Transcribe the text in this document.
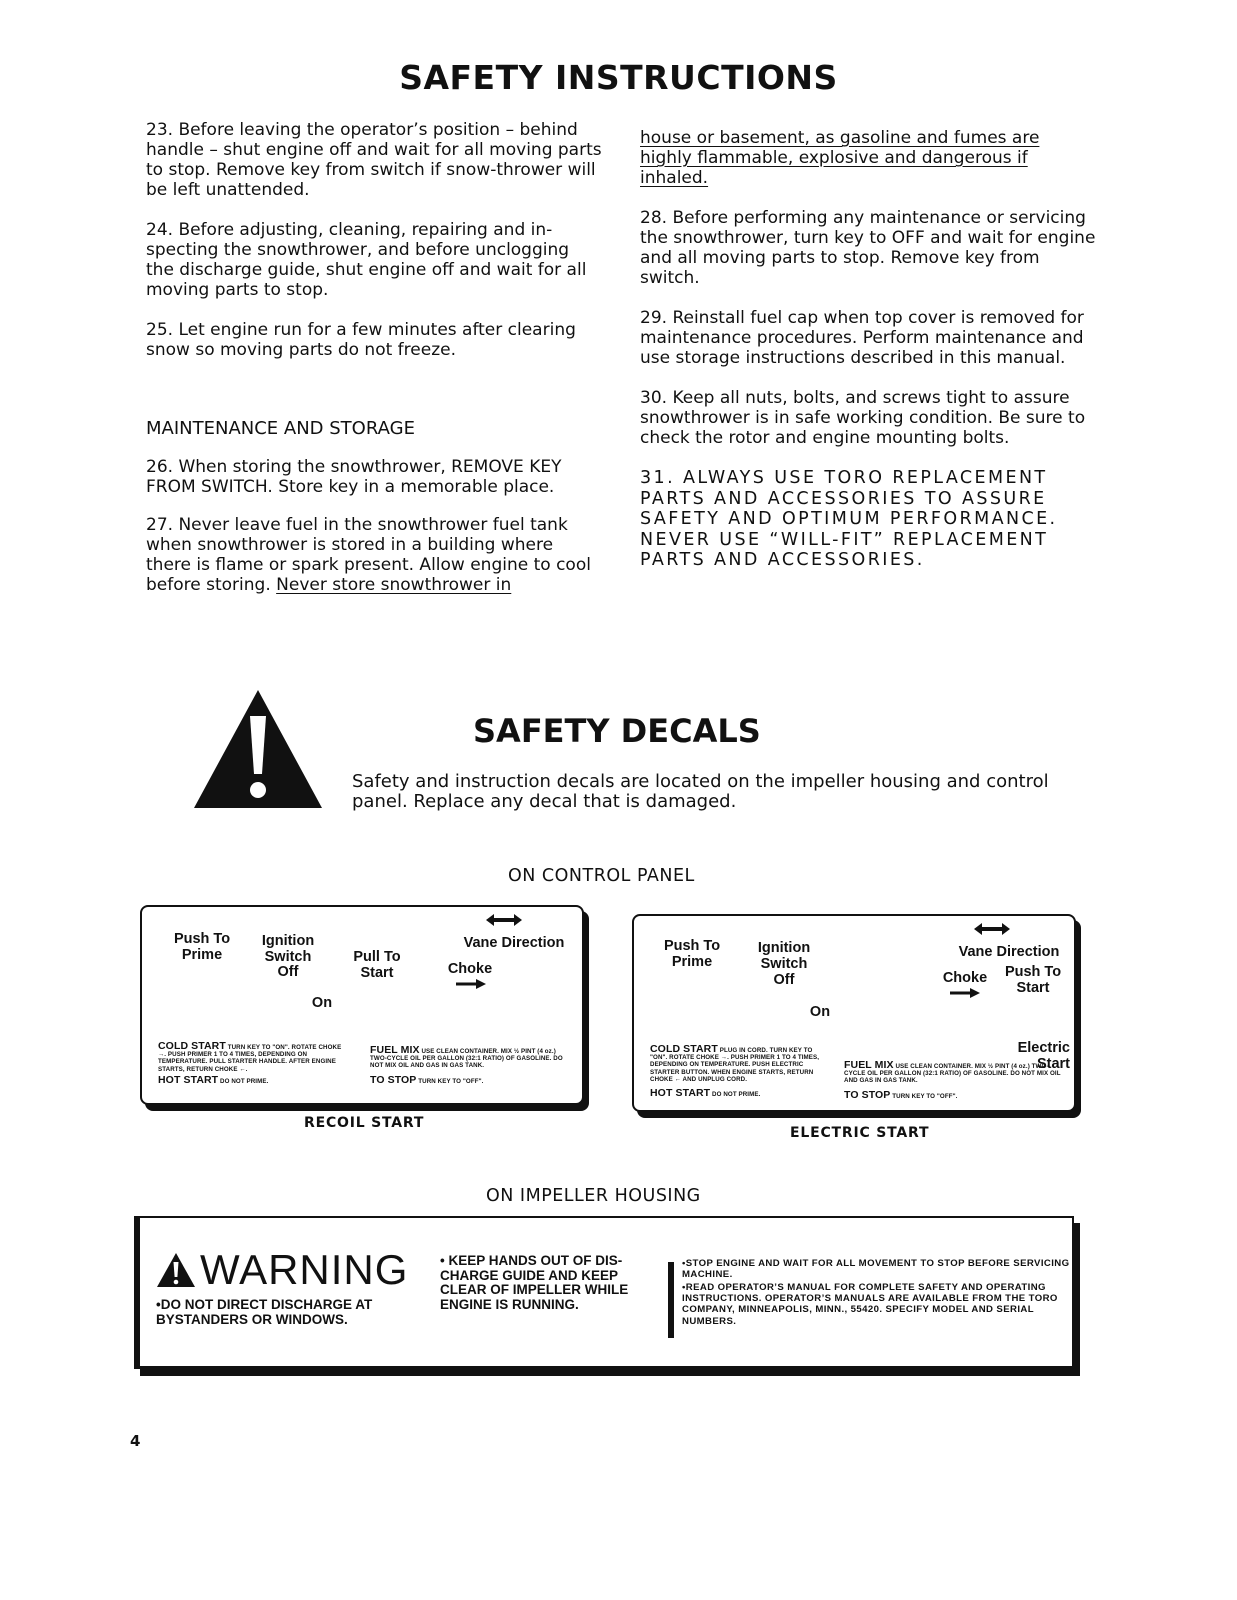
SAFETY INSTRUCTIONS

23. Before leaving the operator’s position – behind handle – shut engine off and wait for all moving parts to stop. Remove key from switch if snow-thrower will be left unattended.

24. Before adjusting, cleaning, repairing and in-specting the snowthrower, and before unclogging the discharge guide, shut engine off and wait for all moving parts to stop.

25. Let engine run for a few minutes after clearing snow so moving parts do not freeze.

MAINTENANCE AND STORAGE

26. When storing the snowthrower, REMOVE KEY FROM SWITCH. Store key in a memorable place.

27. Never leave fuel in the snowthrower fuel tank when snowthrower is stored in a building where there is flame or spark present. Allow engine to cool before storing. Never store snowthrower in

house or basement, as gasoline and fumes are highly flammable, explosive and dangerous if inhaled.

28. Before performing any maintenance or servicing the snowthrower, turn key to OFF and wait for engine and all moving parts to stop. Remove key from switch.

29. Reinstall fuel cap when top cover is removed for maintenance procedures. Perform maintenance and use storage instructions described in this manual.

30. Keep all nuts, bolts, and screws tight to assure snowthrower is in safe working condition. Be sure to check the rotor and engine mounting bolts.

31. ALWAYS USE TORO REPLACEMENT PARTS AND ACCESSORIES TO ASSURE SAFETY AND OPTIMUM PERFORMANCE. NEVER USE “WILL-FIT” REPLACEMENT PARTS AND ACCESSORIES.

SAFETY DECALS

Safety and instruction decals are located on the impeller housing and control panel. Replace any decal that is damaged.

ON CONTROL PANEL
Push To Prime
Ignition Switch
Off
On
Pull To Start
Vane Direction
Choke
COLD START TURN KEY TO "ON". ROTATE CHOKE →. PUSH PRIMER 1 TO 4 TIMES, DEPENDING ON TEMPERATURE. PULL STARTER HANDLE. AFTER ENGINE STARTS, RETURN CHOKE ←.
HOT START DO NOT PRIME.
FUEL MIX USE CLEAN CONTAINER. MIX ½ PINT (4 oz.) TWO-CYCLE OIL PER GALLON (32:1 RATIO) OF GASOLINE. DO NOT MIX OIL AND GAS IN GAS TANK.
TO STOP TURN KEY TO "OFF".
RECOIL START
Push To Prime
Ignition Switch
Off
On
Vane Direction
Choke	Push To Start
Electric Start
COLD START PLUG IN CORD. TURN KEY TO "ON". ROTATE CHOKE →. PUSH PRIMER 1 TO 4 TIMES, DEPENDING ON TEMPERATURE. PUSH ELECTRIC STARTER BUTTON. WHEN ENGINE STARTS, RETURN CHOKE ← AND UNPLUG CORD.
HOT START DO NOT PRIME.
FUEL MIX USE CLEAN CONTAINER. MIX ½ PINT (4 oz.) TWO-CYCLE OIL PER GALLON (32:1 RATIO) OF GASOLINE. DO NOT MIX OIL AND GAS IN GAS TANK.
TO STOP TURN KEY TO "OFF".
ELECTRIC START
ON IMPELLER HOUSING
WARNING
•DO NOT DIRECT DISCHARGE AT BYSTANDERS OR WINDOWS.
• KEEP HANDS OUT OF DIS-CHARGE GUIDE AND KEEP CLEAR OF IMPELLER WHILE ENGINE IS RUNNING.
•STOP ENGINE AND WAIT FOR ALL MOVEMENT TO STOP BEFORE SERVICING MACHINE.
•READ OPERATOR’S MANUAL FOR COMPLETE SAFETY AND OPERATING INSTRUCTIONS. OPERATOR’S MANUALS ARE AVAILABLE FROM THE TORO COMPANY, MINNEAPOLIS, MINN., 55420. SPECIFY MODEL AND SERIAL NUMBERS.
4
